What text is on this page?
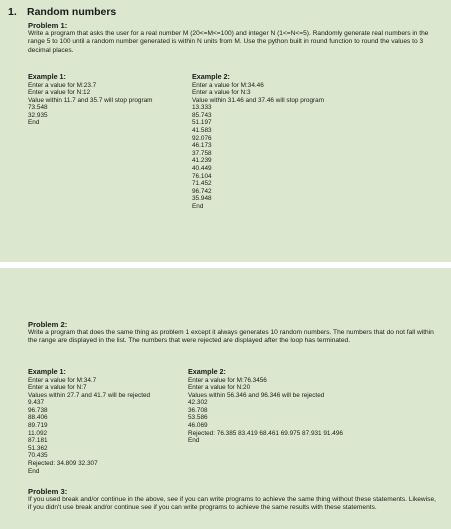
1. Random numbers
Problem 1:

Write a program that asks the user for a real number M (20<=M<=100) and integer N (1<=N<=5). Randomly generate real numbers in the range 5 to 100 until a random number generated is within N units from M. Use the python built in round function to round the values to 3 decimal places.

Example 1:
Enter a value for M:23.7
Enter a value for N:12
Value within 11.7 and 35.7 will stop program
73.548
32.935
End
Example 2:
Enter a value for M:34.46
Enter a value for N:3
Value within 31.46 and 37.46 will stop program
13.333
85.743
51.197
41.583
92.076
46.173
37.758
41.239
40.449
76.104
71.452
96.742
35.948
End
Problem 2:

Write a program that does the same thing as problem 1 except it always generates 10 random numbers. The numbers that do not fall within the range are displayed in the list. The numbers that were rejected are displayed after the loop has terminated.

Example 1:
Enter a value for M:34.7
Enter a value for N:7
Values within 27.7 and 41.7 will be rejected
9.437
96.738
88.406
89.719
11.092
87.181
51.362
70.435
Rejected: 34.809 32.307
End
Example 2:
Enter a value for M:76.3456
Enter a value for N:20
Values within 56.346 and 96.346 will be rejected
42.302
36.708
53.586
46.069
Rejected: 76.385 83.419 68.461 69.975 87.931 91.496
End
Problem 3:

If you used break and/or continue in the above, see if you can write programs to achieve the same thing without these statements. Likewise, if you didn't use break and/or continue see if you can write programs to achieve the same results with these statements.
